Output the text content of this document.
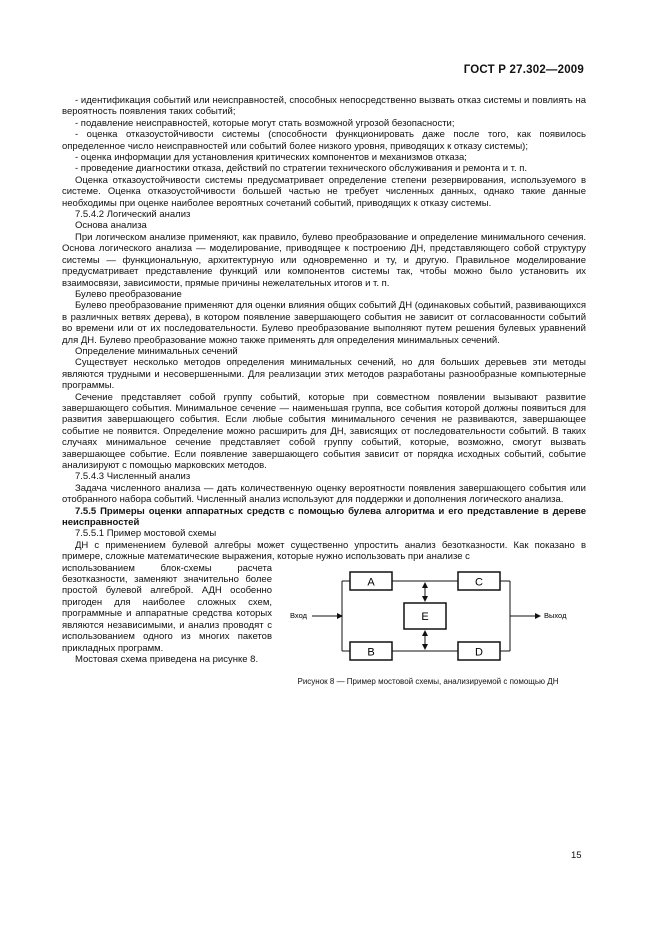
ГОСТ Р 27.302—2009

- идентификация событий или неисправностей, способных непосредственно вызвать отказ системы и повлиять на вероятность появления таких событий;

- подавление неисправностей, которые могут стать возможной угрозой безопасности;

- оценка отказоустойчивости системы (способности функционировать даже после того, как появилось определенное число неисправностей или событий более низкого уровня, приводящих к отказу системы);

- оценка информации для установления критических компонентов и механизмов отказа;

- проведение диагностики отказа, действий по стратегии технического обслуживания и ремонта и т. п.

Оценка отказоустойчивости системы предусматривает определение степени резервирования, используемого в системе. Оценка отказоустойчивости большей частью не требует численных данных, однако такие данные необходимы при оценке наиболее вероятных сочетаний событий, приводящих к отказу системы.

7.5.4.2 Логический анализ

Основа анализа

При логическом анализе применяют, как правило, булево преобразование и определение минимального сечения. Основа логического анализа — моделирование, приводящее к построению ДН, представляющего собой структуру системы — функциональную, архитектурную или одновременно и ту, и другую. Правильное моделирование предусматривает представление функций или компонентов системы так, чтобы можно было установить их взаимосвязи, зависимости, прямые причины нежелательных итогов и т. п.

Булево преобразование

Булево преобразование применяют для оценки влияния общих событий ДН (одинаковых событий, развивающихся в различных ветвях дерева), в котором появление завершающего события не зависит от согласованности событий во времени или от их последовательности. Булево преобразование выполняют путем решения булевых уравнений для ДН. Булево преобразование можно также применять для определения минимальных сечений.

Определение минимальных сечений

Существует несколько методов определения минимальных сечений, но для больших деревьев эти методы являются трудными и несовершенными. Для реализации этих методов разработаны разнообразные компьютерные программы.

Сечение представляет собой группу событий, которые при совместном появлении вызывают развитие завершающего события. Минимальное сечение — наименьшая группа, все события которой должны появиться для развития завершающего события. Если любые события минимального сечения не развиваются, завершающее событие не появится. Определение можно расширить для ДН, зависящих от последовательности событий. В таких случаях минимальное сечение представляет собой группу событий, которые, возможно, смогут вызвать завершающее событие. Если появление завершающего события зависит от порядка исходных событий, событие анализируют с помощью марковских методов.

7.5.4.3 Численный анализ

Задача численного анализа — дать количественную оценку вероятности появления завершающего события или отобранного набора событий. Численный анализ используют для поддержки и дополнения логического анализа.

7.5.5 Примеры оценки аппаратных средств с помощью булева алгоритма и его представление в дереве неисправностей

7.5.5.1 Пример мостовой схемы

ДН с применением булевой алгебры может существенно упростить анализ безотказности. Как показано в примере, сложные математические выражения, которые нужно использовать при анализе с

использованием блок-схемы расчета безотказности, заменяют значительно более простой булевой алгеброй. АДН особенно пригоден для наиболее сложных схем, программные и аппаратные средства которых являются независимыми, и анализ проводят с использованием одного из многих пакетов прикладных программ.

Мостовая схема приведена на рисунке 8.

Вход
A	C
B	D
E	Выход
Рисунок 8 — Пример мостовой схемы, анализируемой с помощью ДН
15
